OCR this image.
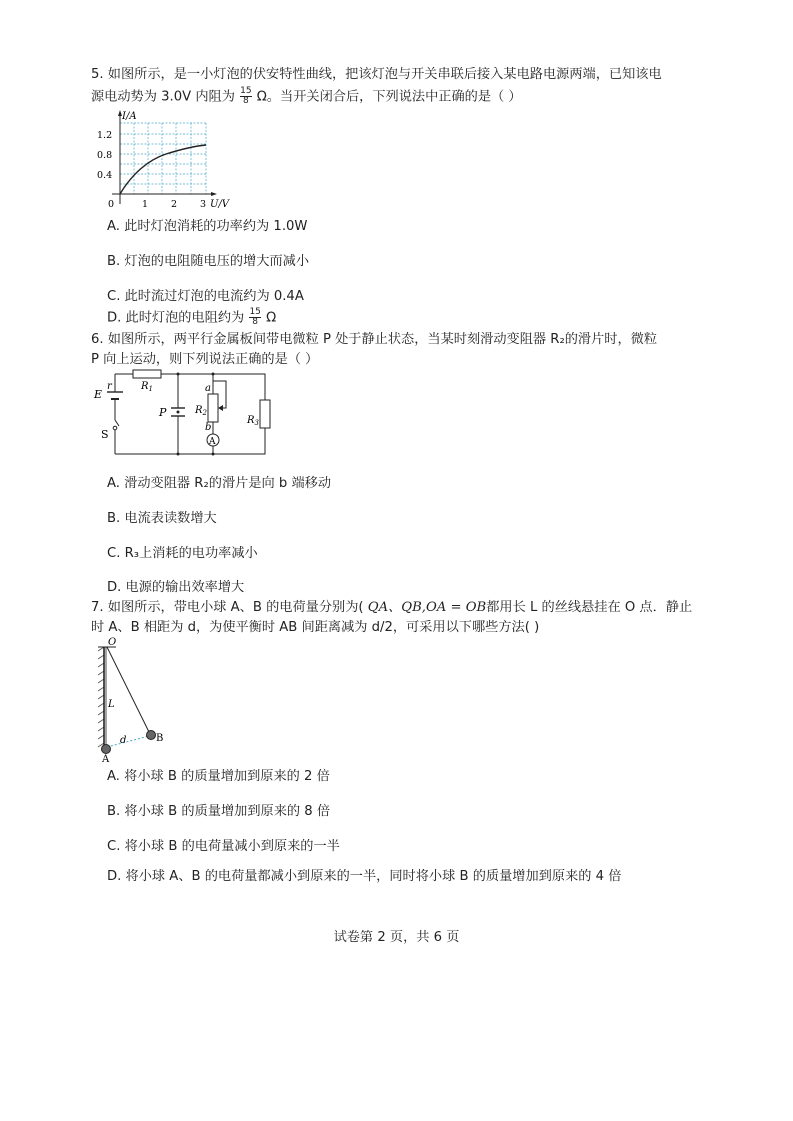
5. 如图所示，是一小灯泡的伏安特性曲线，把该灯泡与开关串联后接入某电路电源两端，已知该电
源电动势为 3.0V 内阻为 $\frac{15}{8}$ Ω。当开关闭合后，下列说法中正确的是（ ）
I/A
1.2
0.8
0.4
0	1 2 3 U/V
A. 此时灯泡消耗的功率约为 1.0W
B. 灯泡的电阻随电压的增大而减小
C. 此时流过灯泡的电流约为 0.4A
D. 此时灯泡的电阻约为 $\frac{15}{8}$ Ω
6. 如图所示，两平行金属板间带电微粒 P 处于静止状态，当某时刻滑动变阻器 R₂的滑片时，微粒
P 向上运动，则下列说法正确的是（ ）
E
r
S
$R_1$
P
a
$R_2$
b
A
$R_3$
A. 滑动变阻器 R₂的滑片是向 b 端移动
B. 电流表读数增大
C. R₃上消耗的电功率减小
D. 电源的输出效率增大
7. 如图所示，带电小球 A、B 的电荷量分别为( QA、QB,OA = OB都用长 L 的丝线悬挂在 O 点．静止
时 A、B 相距为 d，为使平衡时 AB 间距离减为 d/2，可采用以下哪些方法( )
O
L
d
A
B
A. 将小球 B 的质量增加到原来的 2 倍
B. 将小球 B 的质量增加到原来的 8 倍
C. 将小球 B 的电荷量减小到原来的一半
D. 将小球 A、B 的电荷量都减小到原来的一半，同时将小球 B 的质量增加到原来的 4 倍
试卷第 2 页，共 6 页
